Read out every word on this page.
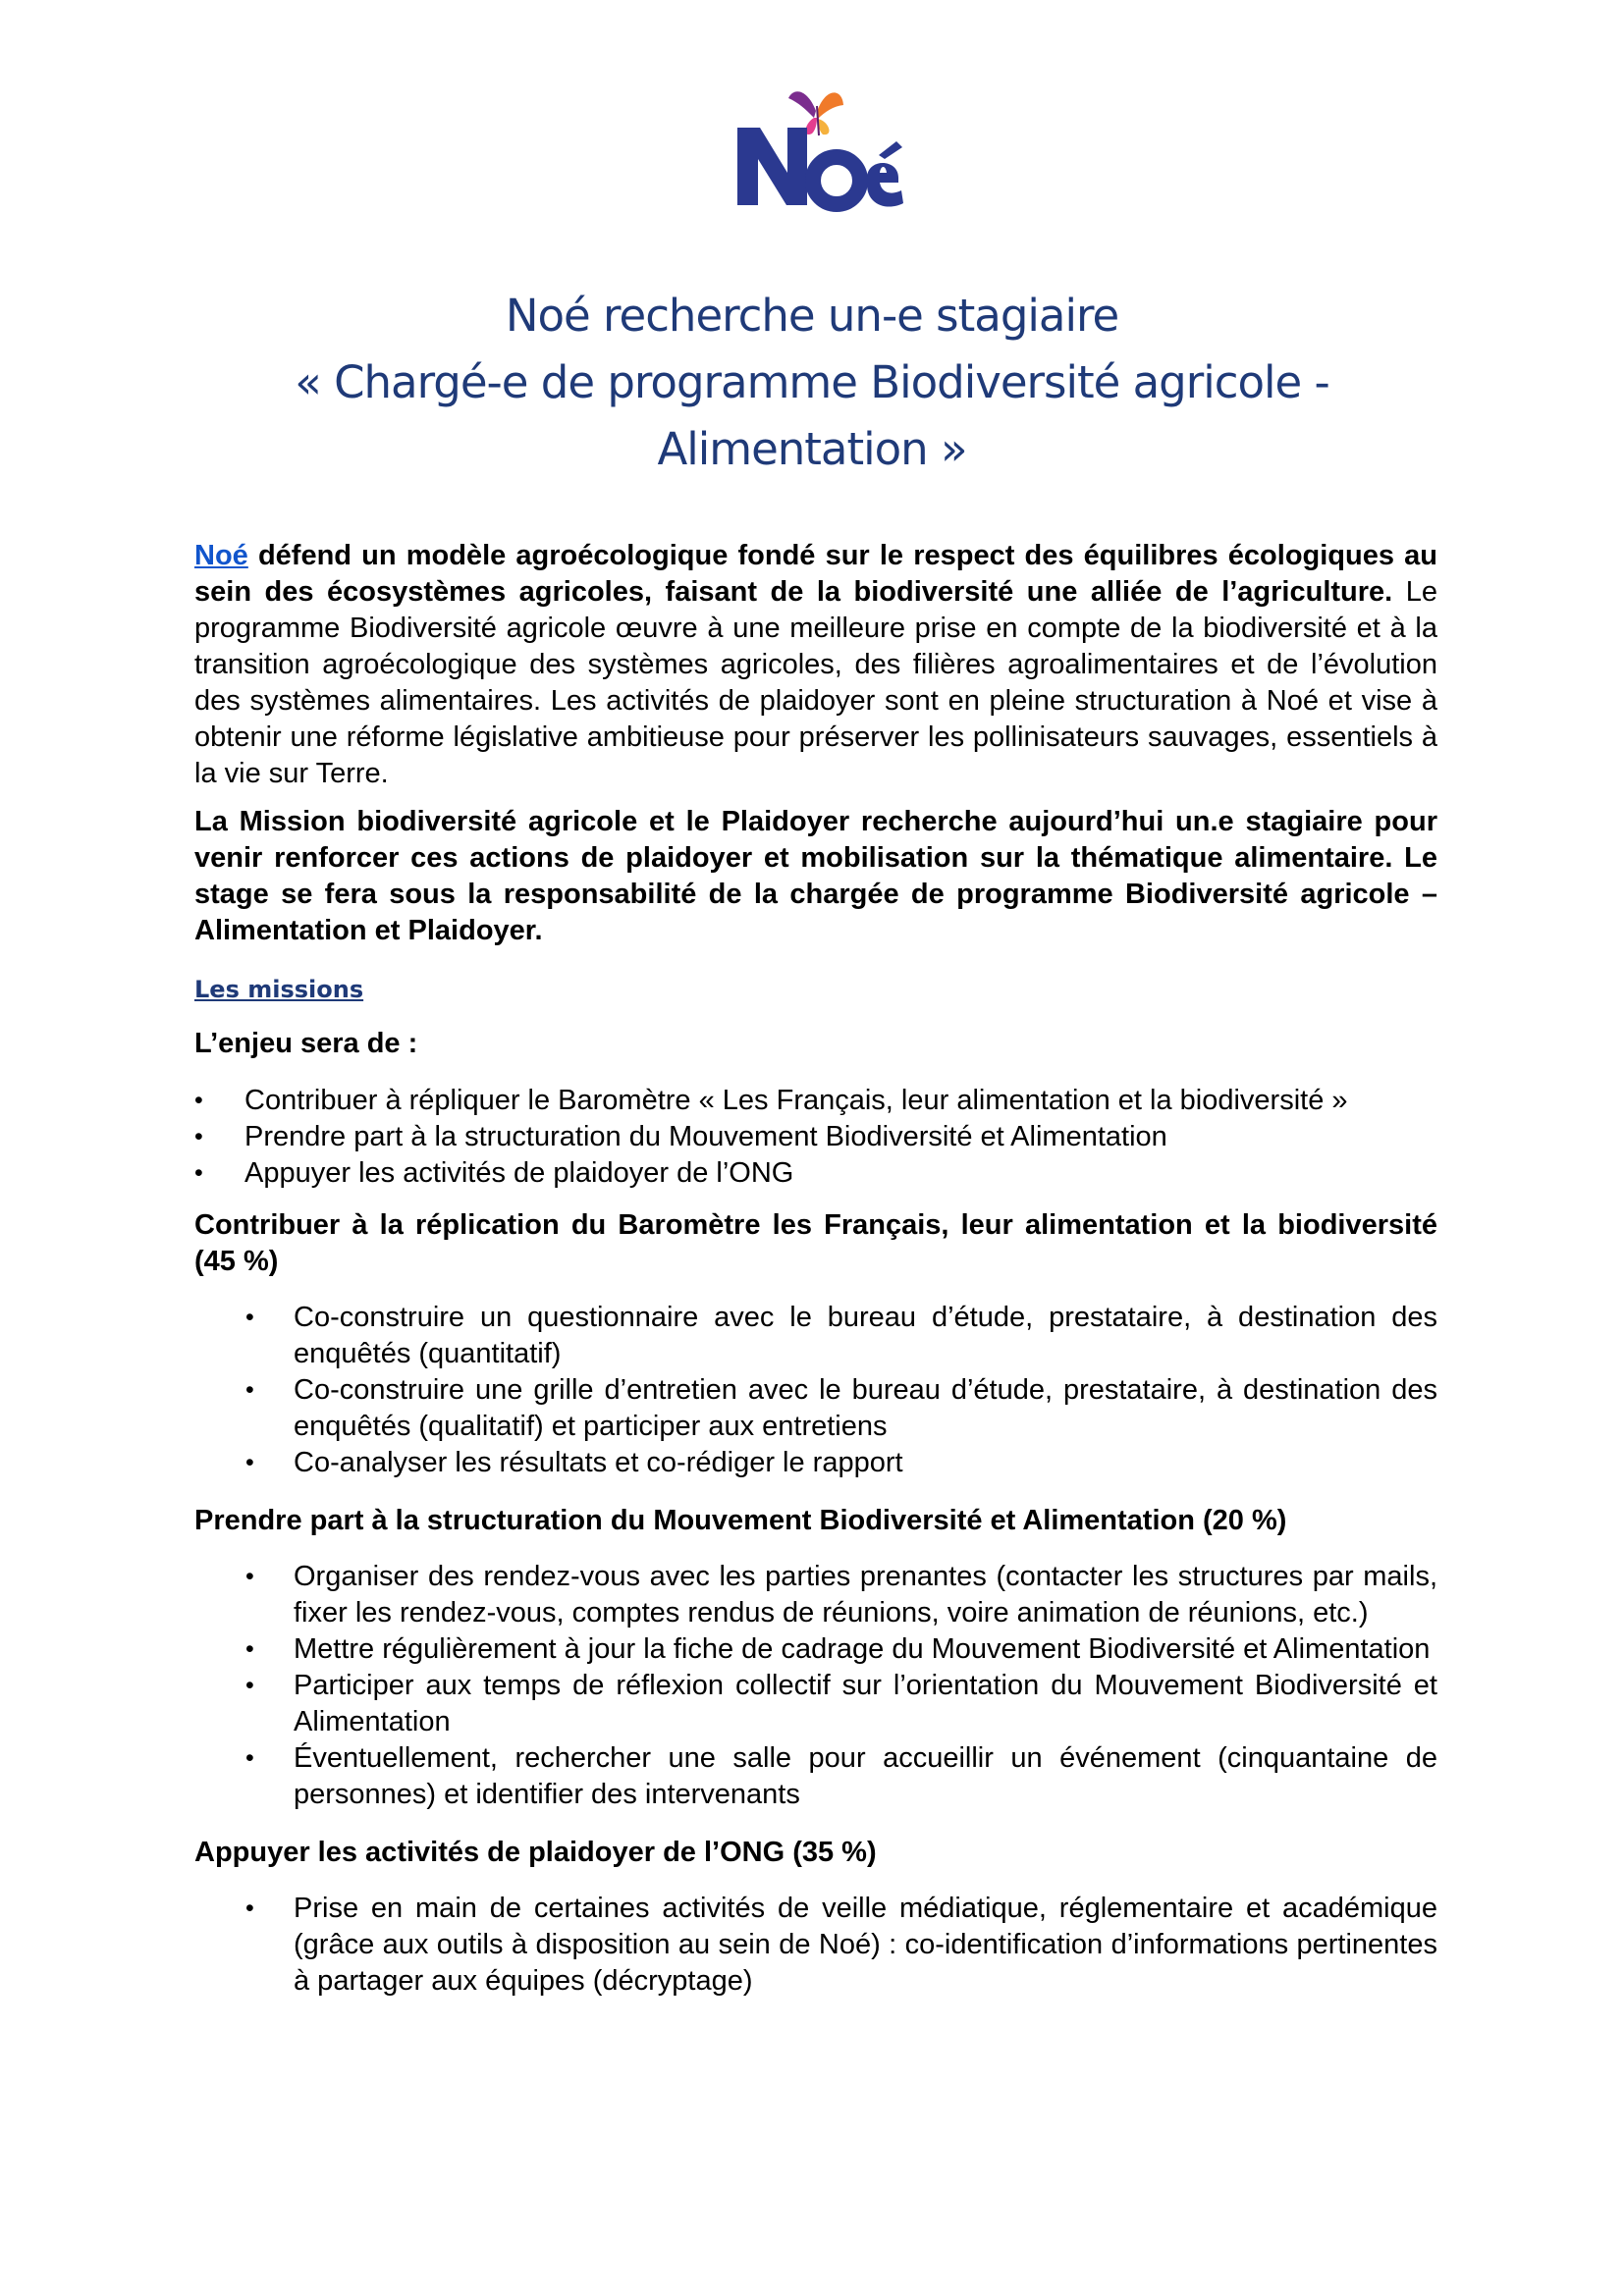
Noé recherche un-e stagiaire
« Chargé-e de programme Biodiversité agricole -
Alimentation »

Noé défend un modèle agroécologique fondé sur le respect des équilibres écologiques au sein des écosystèmes agricoles, faisant de la biodiversité une alliée de l’agriculture. Le programme Biodiversité agricole œuvre à une meilleure prise en compte de la biodiversité et à la transition agroécologique des systèmes agricoles, des filières agroalimentaires et de l’évolution des systèmes alimentaires. Les activités de plaidoyer sont en pleine structuration à Noé et vise à obtenir une réforme législative ambitieuse pour préserver les pollinisateurs sauvages, essentiels à la vie sur Terre.

La Mission biodiversité agricole et le Plaidoyer recherche aujourd’hui un.e stagiaire pour venir renforcer ces actions de plaidoyer et mobilisation sur la thématique alimentaire. Le stage se fera sous la responsabilité de la chargée de programme Biodiversité agricole – Alimentation et Plaidoyer.

Les missions
L’enjeu sera de :
• Contribuer à répliquer le Baromètre « Les Français, leur alimentation et la biodiversité »
• Prendre part à la structuration du Mouvement Biodiversité et Alimentation
• Appuyer les activités de plaidoyer de l’ONG

Contribuer à la réplication du Baromètre les Français, leur alimentation et la biodiversité (45 %)

• Co-construire un questionnaire avec le bureau d’étude, prestataire, à destination des enquêtés (quantitatif)
• Co-construire une grille d’entretien avec le bureau d’étude, prestataire, à destination des enquêtés (qualitatif) et participer aux entretiens
• Co-analyser les résultats et co-rédiger le rapport

Prendre part à la structuration du Mouvement Biodiversité et Alimentation (20 %)

• Organiser des rendez-vous avec les parties prenantes (contacter les structures par mails, fixer les rendez-vous, comptes rendus de réunions, voire animation de réunions, etc.)
• Mettre régulièrement à jour la fiche de cadrage du Mouvement Biodiversité et Alimentation
• Participer aux temps de réflexion collectif sur l’orientation du Mouvement Biodiversité et Alimentation
• Éventuellement, rechercher une salle pour accueillir un événement (cinquantaine de personnes) et identifier des intervenants

Appuyer les activités de plaidoyer de l’ONG (35 %)

• Prise en main de certaines activités de veille médiatique, réglementaire et académique (grâce aux outils à disposition au sein de Noé) : co-identification d’informations pertinentes à partager aux équipes (décryptage)
